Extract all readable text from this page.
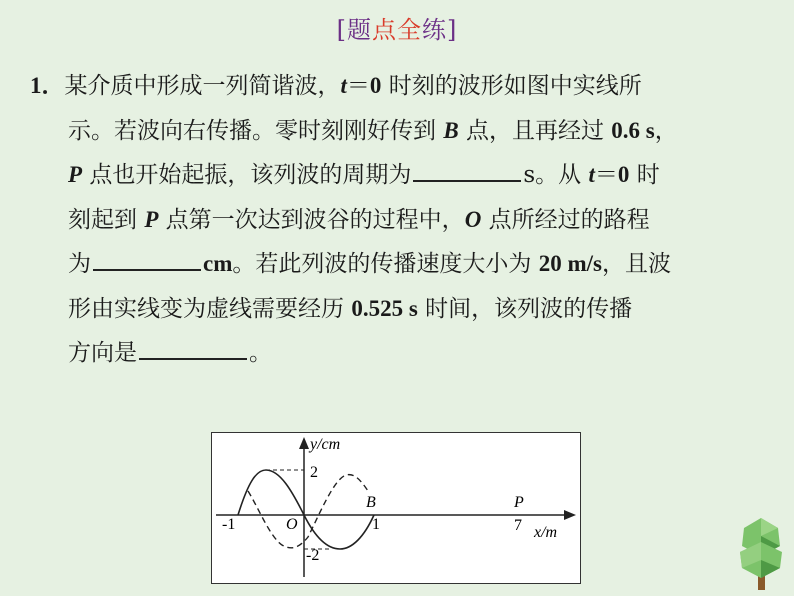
[题点全练]

1．某介质中形成一列简谐波，t＝0 时刻的波形如图中实线所

示。若波向右传播。零时刻刚好传到 B 点，且再经过 0.6 s，

P 点也开始起振，该列波的周期为	s。从 t＝0 时

刻起到 P 点第一次达到波谷的过程中，O 点所经过的路程

为	cm。若此列波的传播速度大小为 20 m/s，且波

形由实线变为虚线需要经历 0.525 s 时间，该列波的传播

方向是	。

y/cm
2
-2
-1	O	1	7
B	P
x/m
